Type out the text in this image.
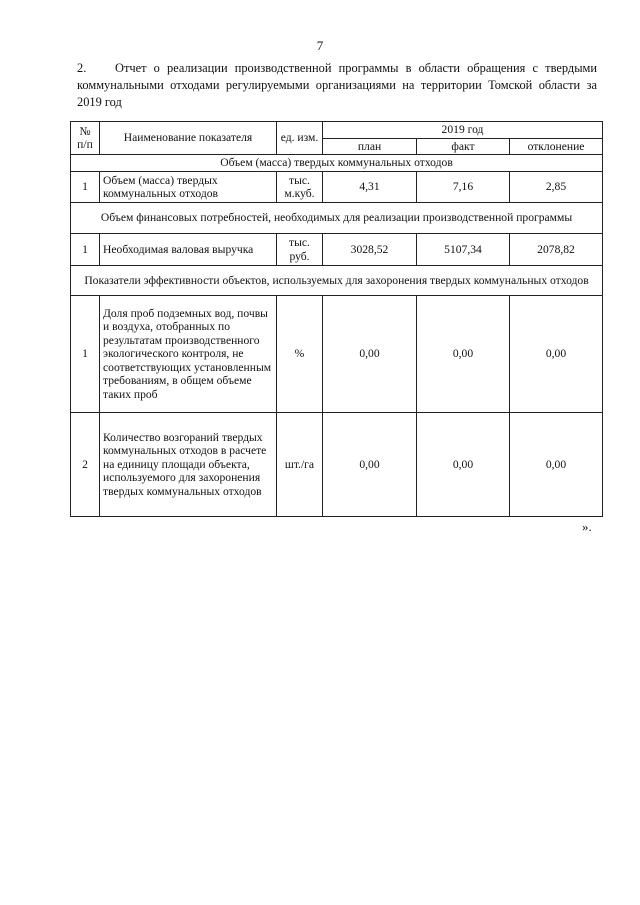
7
2. Отчет о реализации производственной программы в области обращения с твердыми коммунальными отходами регулируемыми организациями на территории Томской области за 2019 год
№ п/п	Наименование показателя	ед. изм.	2019 год		
			план	факт	отклонение
Объем (масса) твердых коммунальных отходов					
1	Объем (масса) твердых коммунальных отходов	тыс. м.куб.	4,31	7,16	2,85
Объем финансовых потребностей, необходимых для реализации производственной программы					
1	Необходимая валовая выручка	тыс. руб.	3028,52	5107,34	2078,82
Показатели эффективности объектов, используемых для захоронения твердых коммунальных отходов					
1	Доля проб подземных вод, почвы и воздуха, отобранных по результатам производственного экологического контроля, не соответствующих установленным требованиям, в общем объеме таких проб	%	0,00	0,00	0,00
2	Количество возгораний твердых коммунальных отходов в расчете на единицу площади объекта, используемого для захоронения твердых коммунальных отходов	шт./га	0,00	0,00	0,00
».
